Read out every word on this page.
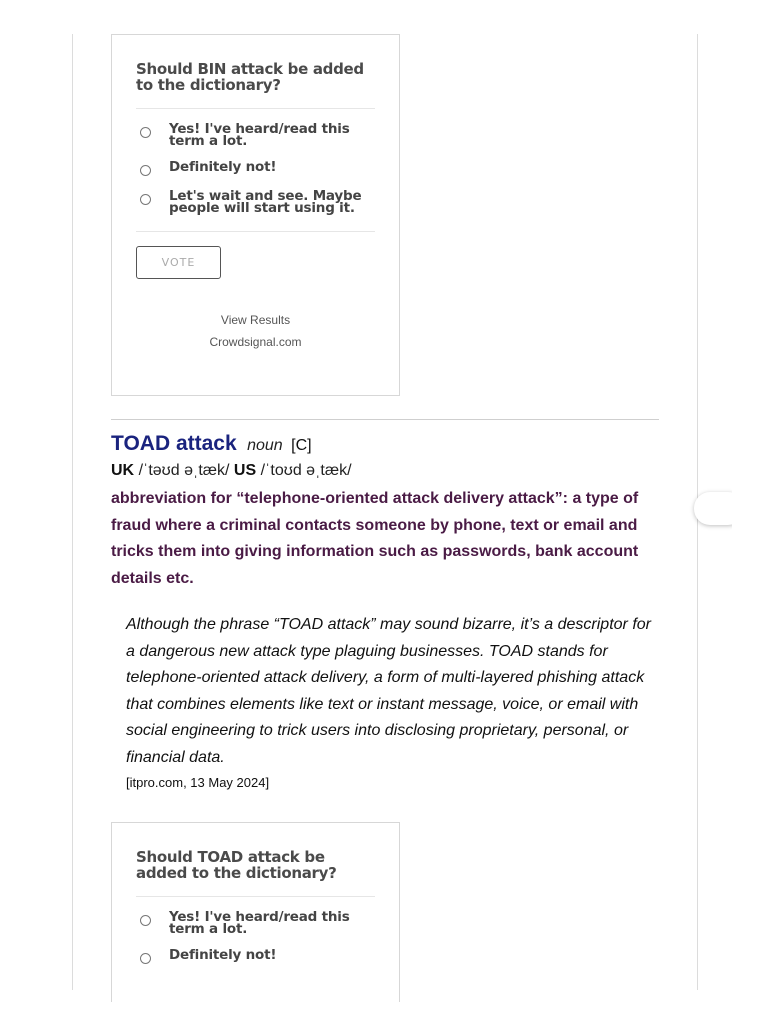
Should BIN attack be added to the dictionary?

Yes! I've heard/read this term a lot.
Definitely not!
Let's wait and see. Maybe people will start using it.
VOTE
View Results
Crowdsignal.com
TOAD attack noun [C]
UK /ˈtəʊd əˌtæk/ US /ˈtoʊd əˌtæk/
abbreviation for “telephone-oriented attack delivery attack”: a type of fraud where a criminal contacts someone by phone, text or email and tricks them into giving information such as passwords, bank account details etc.
Although the phrase “TOAD attack” may sound bizarre, it’s a descriptor for a dangerous new attack type plaguing businesses. TOAD stands for telephone-oriented attack delivery, a form of multi-layered phishing attack that combines elements like text or instant message, voice, or email with social engineering to trick users into disclosing proprietary, personal, or financial data.
[itpro.com, 13 May 2024]

Should TOAD attack be added to the dictionary?

Yes! I've heard/read this term a lot.
Definitely not!
